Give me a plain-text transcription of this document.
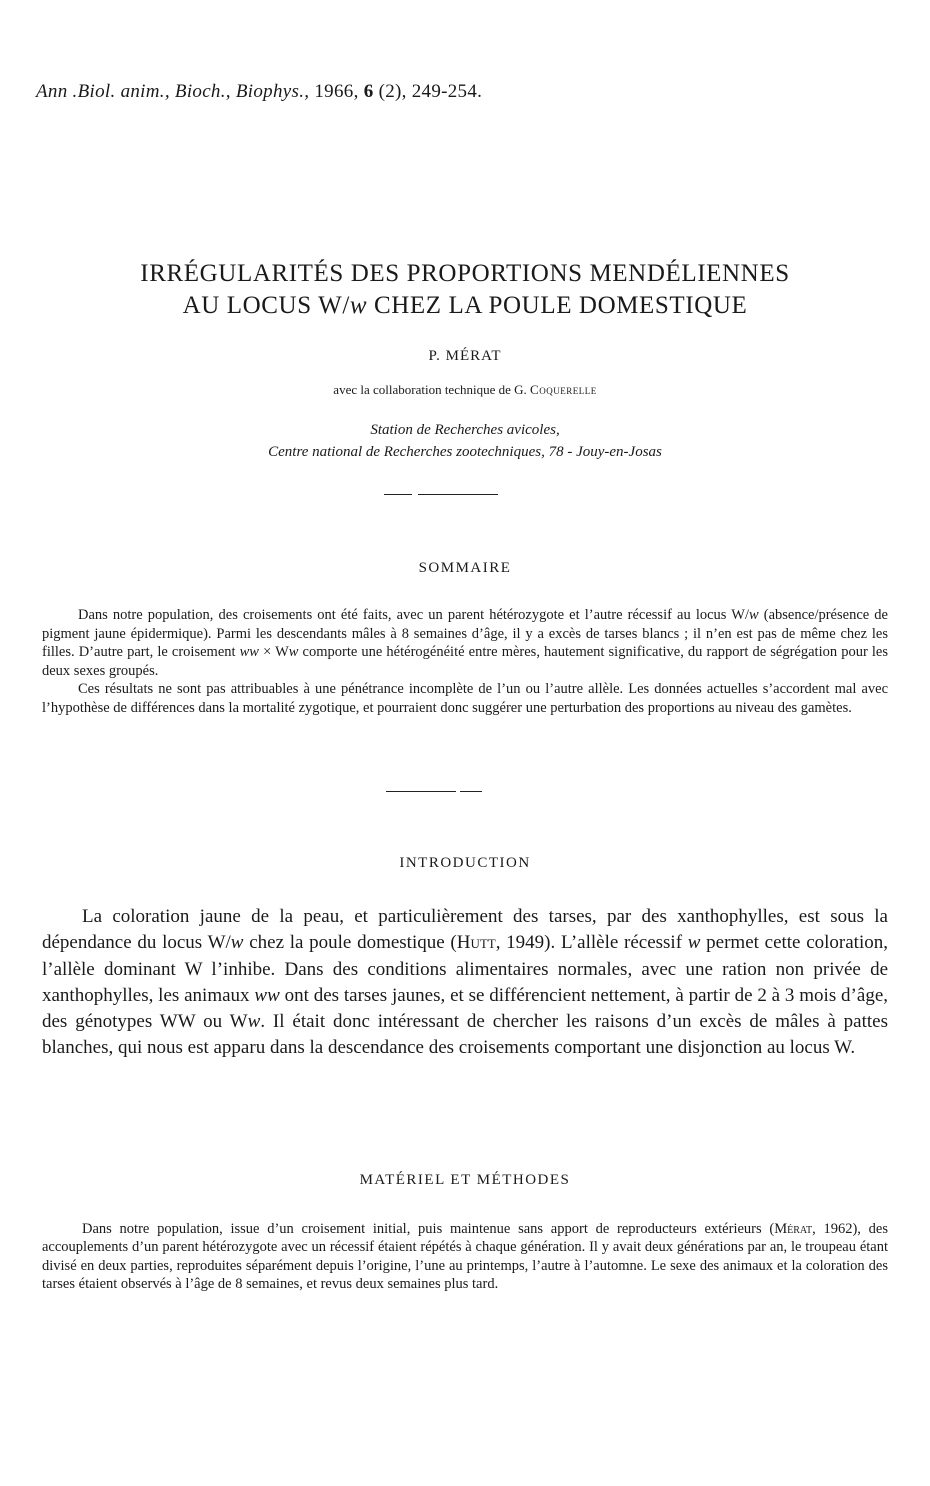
Ann .Biol. anim., Bioch., Biophys., 1966, 6 (2), 249-254.
IRRÉGULARITÉS DES PROPORTIONS MENDÉLIENNES
AU LOCUS W/w CHEZ LA POULE DOMESTIQUE
P. MÉRAT
avec la collaboration technique de G. Coquerelle
Station de Recherches avicoles,
Centre national de Recherches zootechniques, 78 - Jouy-en-Josas
SOMMAIRE

Dans notre population, des croisements ont été faits, avec un parent hétérozygote et l’autre récessif au locus W/w (absence/présence de pigment jaune épidermique). Parmi les descendants mâles à 8 semaines d’âge, il y a excès de tarses blancs ; il n’en est pas de même chez les filles. D’autre part, le croisement ww × Ww comporte une hétérogénéité entre mères, hautement significative, du rapport de ségrégation pour les deux sexes groupés.

Ces résultats ne sont pas attribuables à une pénétrance incomplète de l’un ou l’autre allèle. Les données actuelles s’accordent mal avec l’hypothèse de différences dans la mortalité zygotique, et pourraient donc suggérer une perturbation des proportions au niveau des gamètes.

INTRODUCTION

La coloration jaune de la peau, et particulièrement des tarses, par des xanthophylles, est sous la dépendance du locus W/w chez la poule domestique (Hutt, 1949). L’allèle récessif w permet cette coloration, l’allèle dominant W l’inhibe. Dans des conditions alimentaires normales, avec une ration non privée de xanthophylles, les animaux ww ont des tarses jaunes, et se différencient nettement, à partir de 2 à 3 mois d’âge, des génotypes WW ou Ww. Il était donc intéressant de chercher les raisons d’un excès de mâles à pattes blanches, qui nous est apparu dans la descendance des croisements comportant une disjonction au locus W.

MATÉRIEL ET MÉTHODES

Dans notre population, issue d’un croisement initial, puis maintenue sans apport de reproducteurs extérieurs (Mérat, 1962), des accouplements d’un parent hétérozygote avec un récessif étaient répétés à chaque génération. Il y avait deux générations par an, le troupeau étant divisé en deux parties, reproduites séparément depuis l’origine, l’une au printemps, l’autre à l’automne. Le sexe des animaux et la coloration des tarses étaient observés à l’âge de 8 semaines, et revus deux semaines plus tard.
